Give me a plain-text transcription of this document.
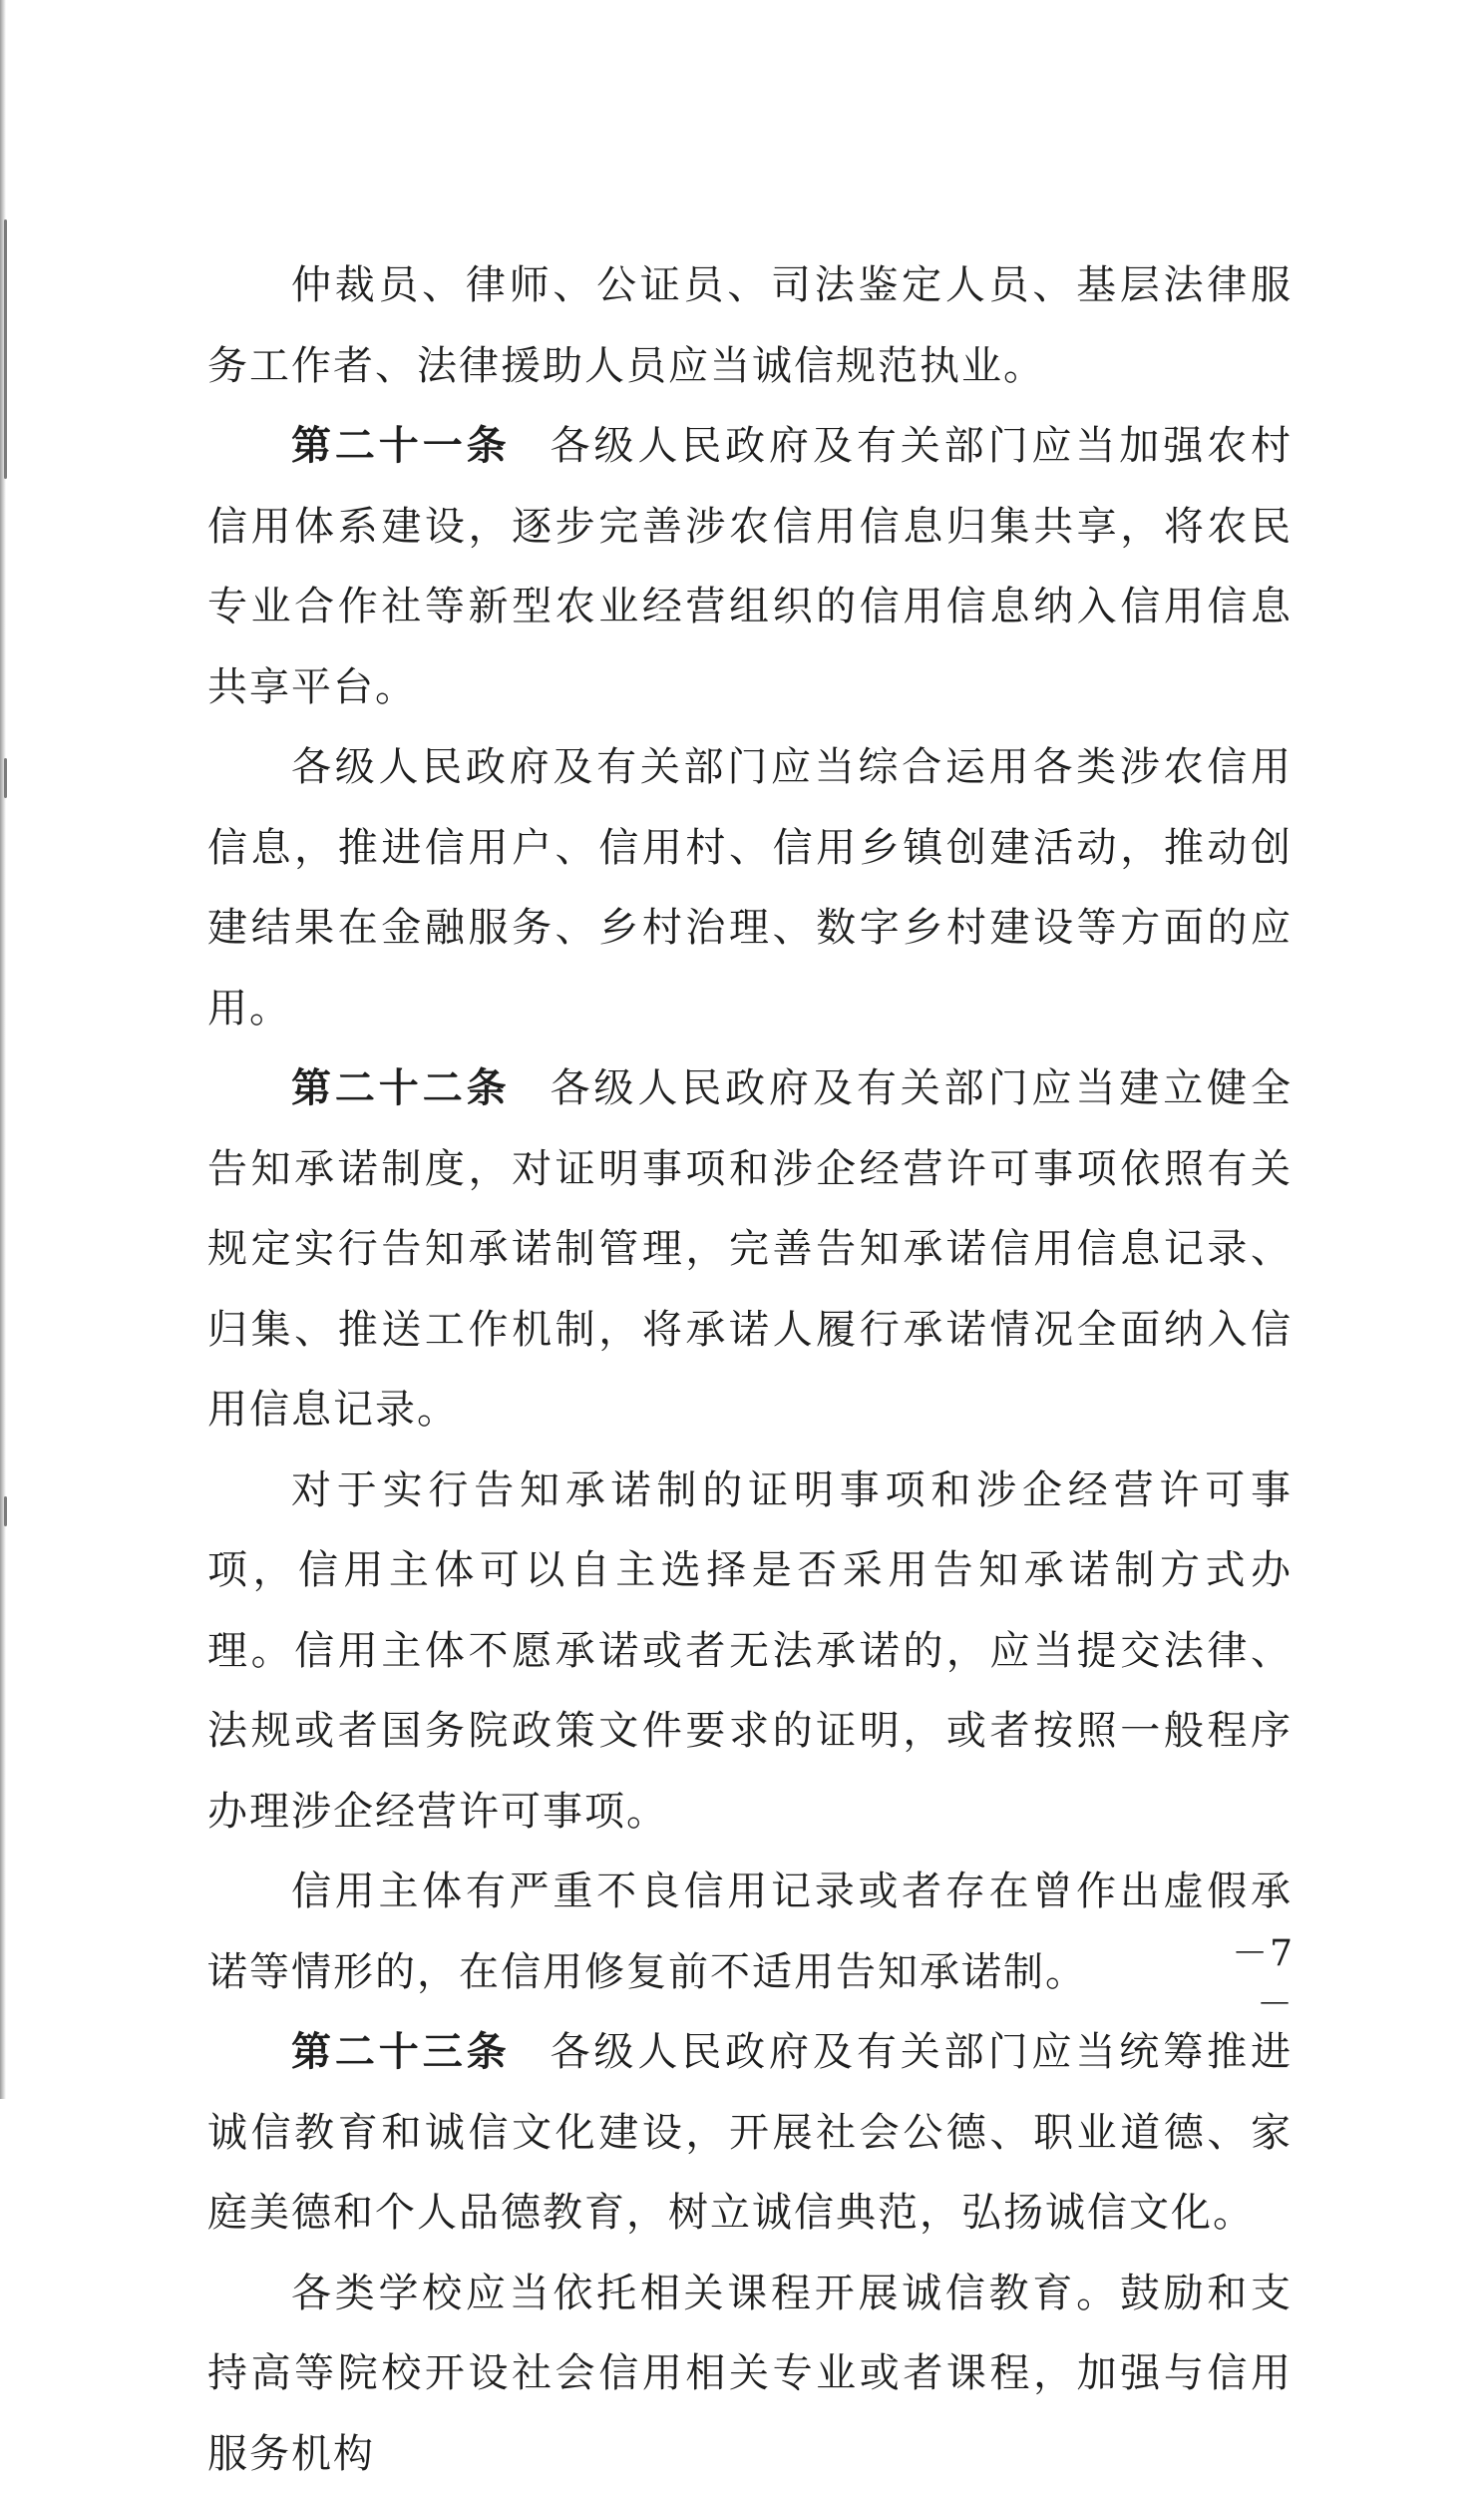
仲裁员、律师、公证员、司法鉴定人员、基层法律服务工作者、法律援助人员应当诚信规范执业。

第二十一条 各级人民政府及有关部门应当加强农村信用体系建设，逐步完善涉农信用信息归集共享，将农民专业合作社等新型农业经营组织的信用信息纳入信用信息共享平台。

各级人民政府及有关部门应当综合运用各类涉农信用信息，推进信用户、信用村、信用乡镇创建活动，推动创建结果在金融服务、乡村治理、数字乡村建设等方面的应用。

第二十二条 各级人民政府及有关部门应当建立健全告知承诺制度，对证明事项和涉企经营许可事项依照有关规定实行告知承诺制管理，完善告知承诺信用信息记录、归集、推送工作机制，将承诺人履行承诺情况全面纳入信用信息记录。

对于实行告知承诺制的证明事项和涉企经营许可事项，信用主体可以自主选择是否采用告知承诺制方式办理。信用主体不愿承诺或者无法承诺的，应当提交法律、法规或者国务院政策文件要求的证明，或者按照一般程序办理涉企经营许可事项。

信用主体有严重不良信用记录或者存在曾作出虚假承诺等情形的，在信用修复前不适用告知承诺制。

第二十三条 各级人民政府及有关部门应当统筹推进诚信教育和诚信文化建设，开展社会公德、职业道德、家庭美德和个人品德教育，树立诚信典范，弘扬诚信文化。

各类学校应当依托相关课程开展诚信教育。鼓励和支持高等院校开设社会信用相关专业或者课程，加强与信用服务机构

－7－
